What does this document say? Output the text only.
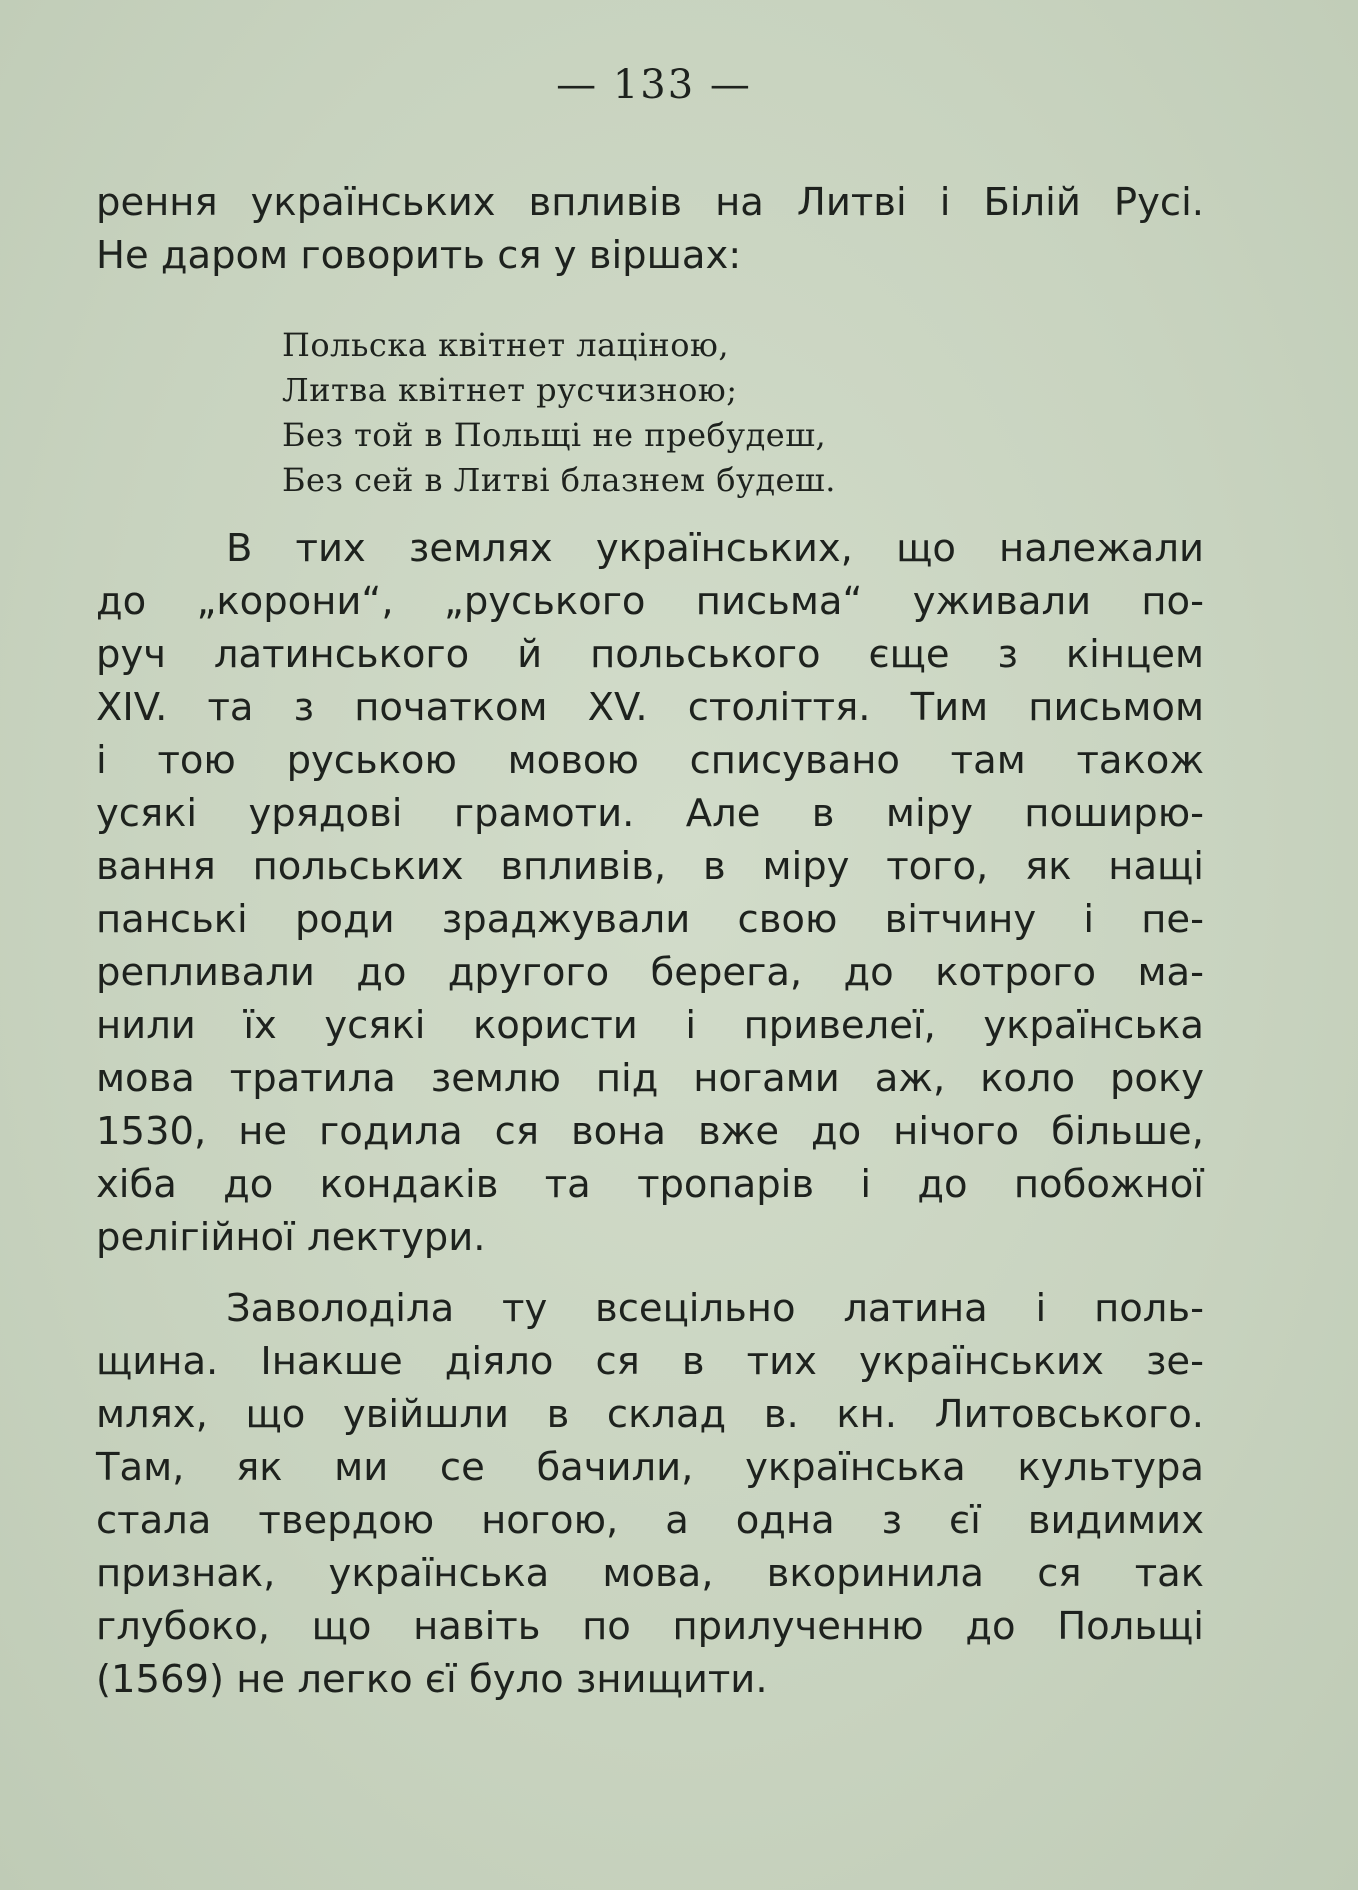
— 133 —
рення українських впливів на Литві і Білій Русі.
Не даром говорить ся у віршах:
Польска квітнет лаціною,
Литва квітнет русчизною;
Без той в Польщі не пребудеш,
Без сей в Литві блазнем будеш.
В тих землях українських, що належали
до „корони“, „руського письма“ уживали по-
руч латинського й польського єще з кінцем
XIV. та з початком XV. століття. Тим письмом
і тою руською мовою списувано там також
усякі урядові грамоти. Але в міру поширю-
вання польських впливів, в міру того, як нащі
панські роди зраджували свою вітчину і пе-
репливали до другого берега, до котрого ма-
нили їх усякі користи і привелеї, українська
мова тратила землю під ногами аж, коло року
1530, не годила ся вона вже до нічого більше,
хіба до кондаків та тропарів і до побожної
релігійної лектури.
Заволоділа ту всецільно латина і поль-
щина. Інакше діяло ся в тих українських зе-
млях, що увійшли в склад в. кн. Литовського.
Там, як ми се бачили, українська культура
стала твердою ногою, а одна з єї видимих
признак, українська мова, вкоринила ся так
глубоко, що навіть по прилученню до Польщі
(1569) не легко єї було знищити.
